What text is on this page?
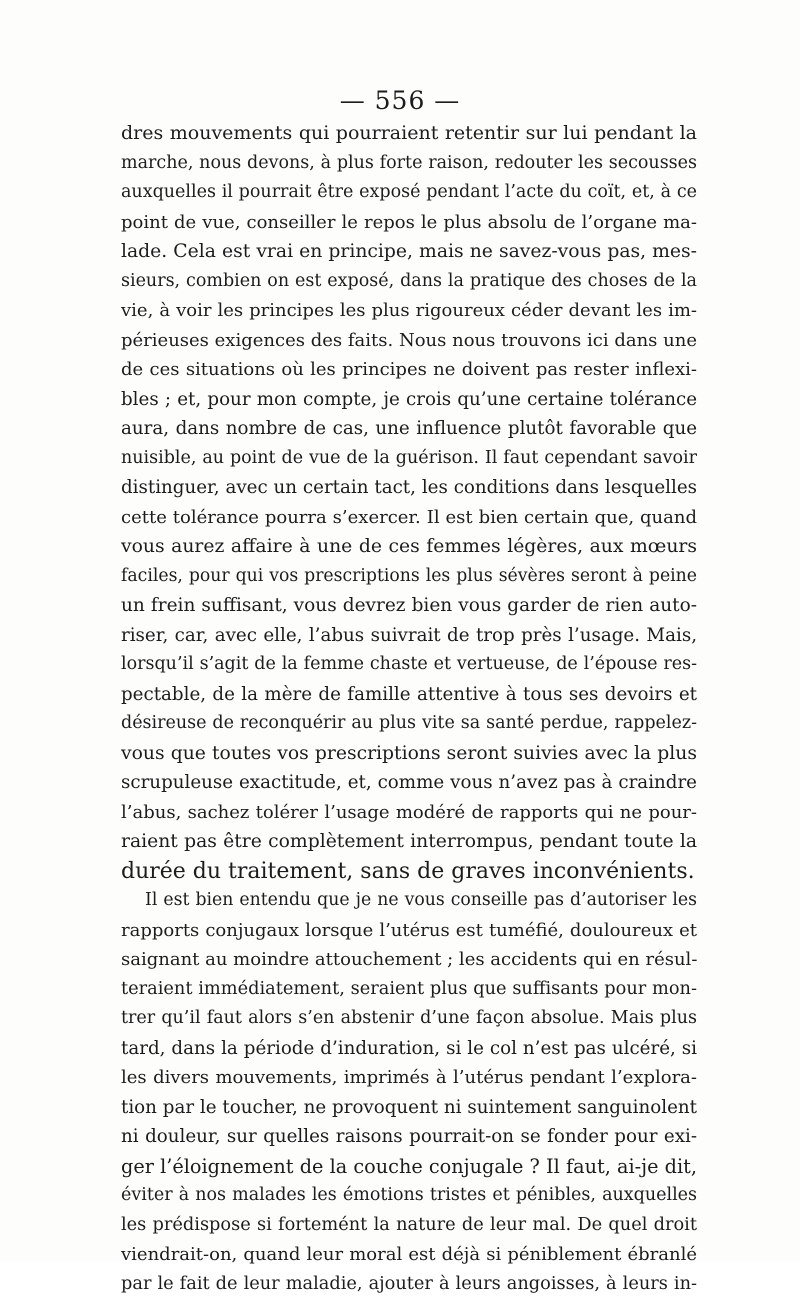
— 556 —
dres mouvements qui pourraient retentir sur lui pendant la
marche, nous devons, à plus forte raison, redouter les secousses
auxquelles il pourrait être exposé pendant l’acte du coït, et, à ce
point de vue, conseiller le repos le plus absolu de l’organe ma-
lade. Cela est vrai en principe, mais ne savez-vous pas, mes-
sieurs, combien on est exposé, dans la pratique des choses de la
vie, à voir les principes les plus rigoureux céder devant les im-
périeuses exigences des faits. Nous nous trouvons ici dans une
de ces situations où les principes ne doivent pas rester inflexi-
bles ; et, pour mon compte, je crois qu’une certaine tolérance
aura, dans nombre de cas, une influence plutôt favorable que
nuisible, au point de vue de la guérison. Il faut cependant savoir
distinguer, avec un certain tact, les conditions dans lesquelles
cette tolérance pourra s’exercer. Il est bien certain que, quand
vous aurez affaire à une de ces femmes légères, aux mœurs
faciles, pour qui vos prescriptions les plus sévères seront à peine
un frein suffisant, vous devrez bien vous garder de rien auto-
riser, car, avec elle, l’abus suivrait de trop près l’usage. Mais,
lorsqu’il s’agit de la femme chaste et vertueuse, de l’épouse res-
pectable, de la mère de famille attentive à tous ses devoirs et
désireuse de reconquérir au plus vite sa santé perdue, rappelez-
vous que toutes vos prescriptions seront suivies avec la plus
scrupuleuse exactitude, et, comme vous n’avez pas à craindre
l’abus, sachez tolérer l’usage modéré de rapports qui ne pour-
raient pas être complètement interrompus, pendant toute la
durée du traitement, sans de graves inconvénients.
Il est bien entendu que je ne vous conseille pas d’autoriser les
rapports conjugaux lorsque l’utérus est tuméfié, douloureux et
saignant au moindre attouchement ; les accidents qui en résul-
teraient immédiatement, seraient plus que suffisants pour mon-
trer qu’il faut alors s’en abstenir d’une façon absolue. Mais plus
tard, dans la période d’induration, si le col n’est pas ulcéré, si
les divers mouvements, imprimés à l’utérus pendant l’explora-
tion par le toucher, ne provoquent ni suintement sanguinolent
ni douleur, sur quelles raisons pourrait-on se fonder pour exi-
ger l’éloignement de la couche conjugale ? Il faut, ai-je dit,
éviter à nos malades les émotions tristes et pénibles, auxquelles
les prédispose si fortemént la nature de leur mal. De quel droit
viendrait-on, quand leur moral est déjà si péniblement ébranlé
par le fait de leur maladie, ajouter à leurs angoisses, à leurs in-
